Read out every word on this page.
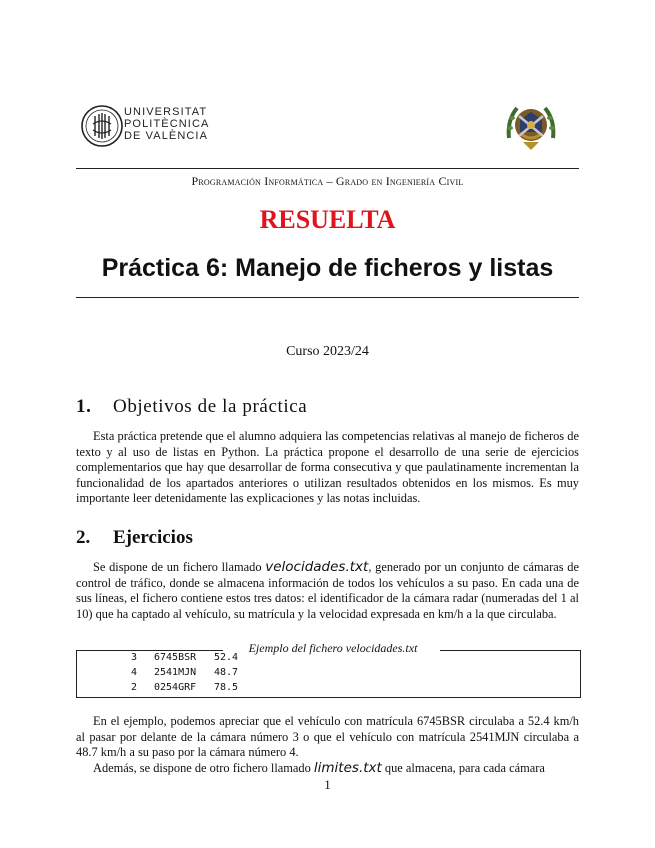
UNIVERSITAT
POLITÈCNICA
DE VALÈNCIA
Programación Informática – Grado en Ingeniería Civil
RESUELTA
Práctica 6: Manejo de ficheros y listas
Curso 2023/24
1. Objetivos de la práctica

Esta práctica pretende que el alumno adquiera las competencias relativas al manejo de ficheros de texto y al uso de listas en Python. La práctica propone el desarrollo de una serie de ejercicios complementarios que hay que desarrollar de forma consecutiva y que paulatinamente incrementan la funcionalidad de los apartados anteriores o utilizan resultados obtenidos en los mismos. Es muy importante leer detenidamente las explicaciones y las notas incluidas.

2. Ejercicios

Se dispone de un fichero llamado velocidades.txt, generado por un conjunto de cámaras de control de tráfico, donde se almacena información de todos los vehículos a su paso. En cada una de sus líneas, el fichero contiene estos tres datos: el identificador de la cámara radar (numeradas del 1 al 10) que ha captado al vehículo, su matrícula y la velocidad expresada en km/h a la que circulaba.

Ejemplo del fichero velocidades.txt
3 6745BSR 52.4
4 2541MJN 48.7
2 0254GRF 78.5

En el ejemplo, podemos apreciar que el vehículo con matrícula 6745BSR circulaba a 52.4 km/h al pasar por delante de la cámara número 3 o que el vehículo con matrícula 2541MJN circulaba a 48.7 km/h a su paso por la cámara número 4.

Además, se dispone de otro fichero llamado limites.txt que almacena, para cada cámara

1
